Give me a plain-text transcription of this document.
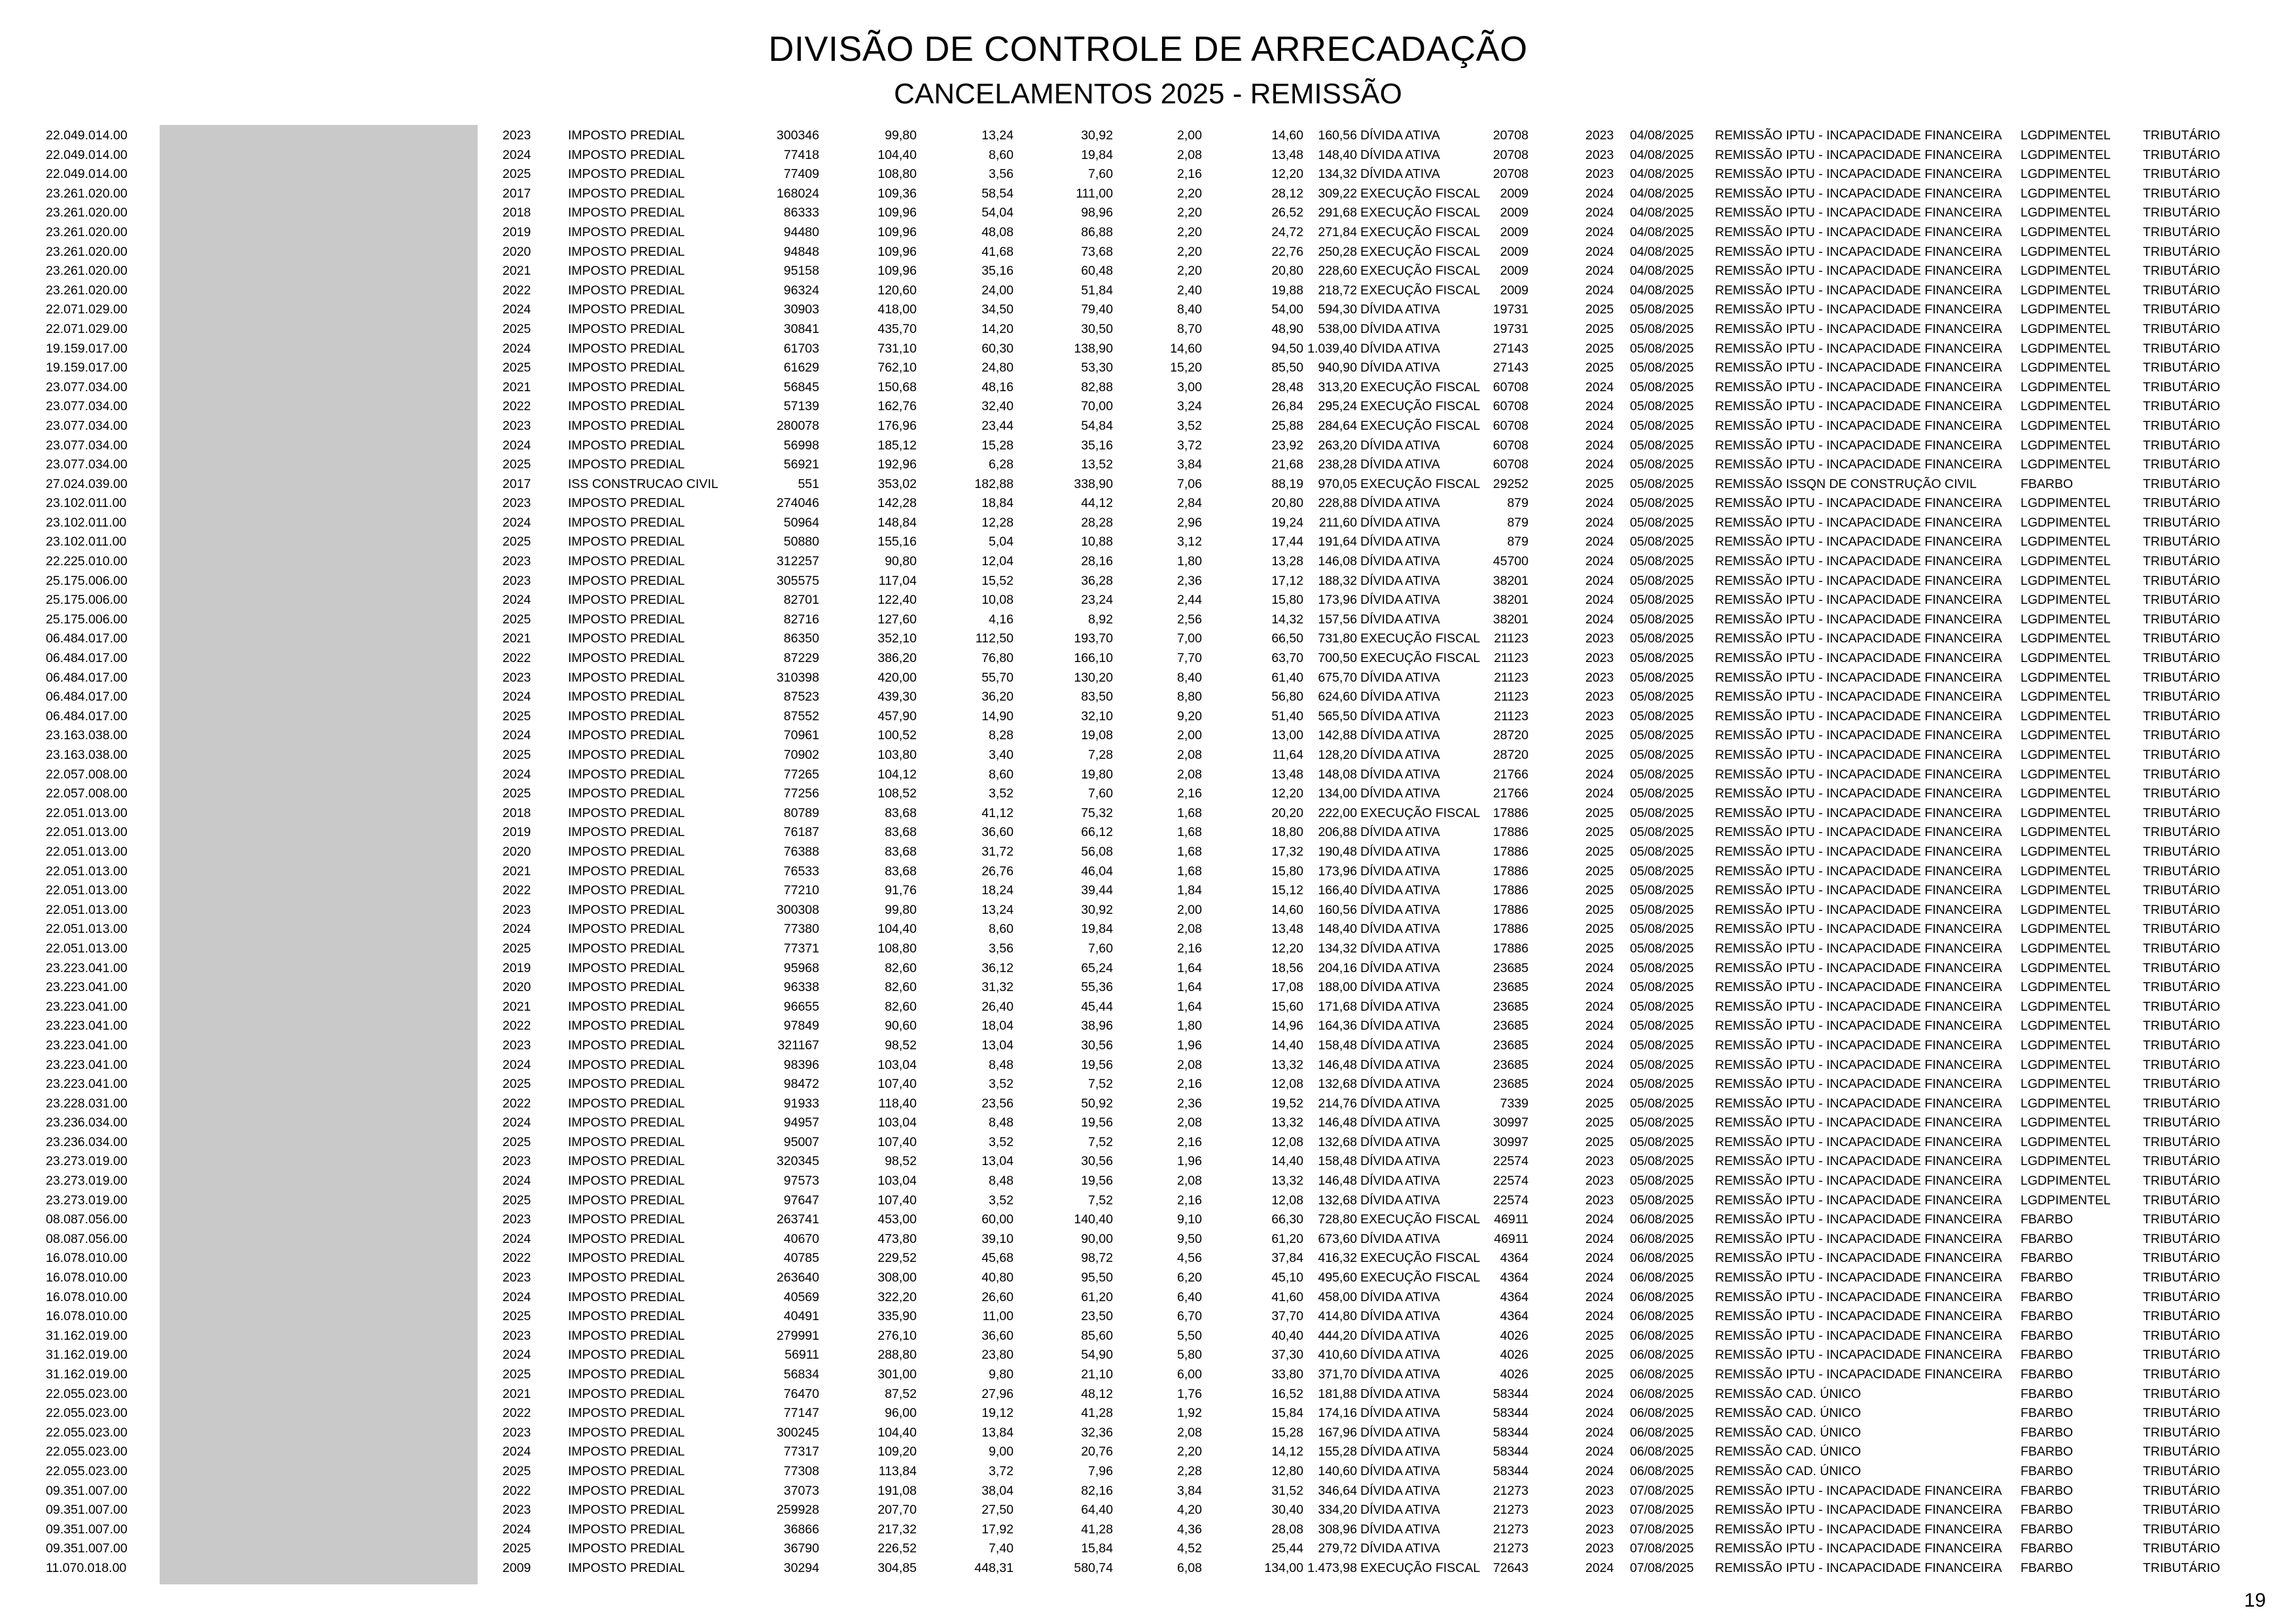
DIVISÃO DE CONTROLE DE ARRECADAÇÃO
CANCELAMENTOS 2025 - REMISSÃO
22.049.014.00	2023	IMPOSTO PREDIAL	300346	99,80	13,24	30,92	2,00	14,60 160,56 DÍVIDA ATIVA	20708	2023 04/08/2025 REMISSÃO IPTU - INCAPACIDADE FINANCEIRA LGDPIMENTEL	TRIBUTÁRIO
22.049.014.00	2024	IMPOSTO PREDIAL	77418	104,40	8,60	19,84	2,08	13,48 148,40 DÍVIDA ATIVA	20708	2023 04/08/2025 REMISSÃO IPTU - INCAPACIDADE FINANCEIRA LGDPIMENTEL	TRIBUTÁRIO
22.049.014.00	2025	IMPOSTO PREDIAL	77409	108,80	3,56	7,60	2,16	12,20 134,32 DÍVIDA ATIVA	20708	2023 04/08/2025 REMISSÃO IPTU - INCAPACIDADE FINANCEIRA LGDPIMENTEL	TRIBUTÁRIO
23.261.020.00	2017	IMPOSTO PREDIAL	168024	109,36	58,54	111,00	2,20	28,12 309,22 EXECUÇÃO FISCAL 2009	2024 04/08/2025 REMISSÃO IPTU - INCAPACIDADE FINANCEIRA LGDPIMENTEL	TRIBUTÁRIO
23.261.020.00	2018	IMPOSTO PREDIAL	86333	109,96	54,04	98,96	2,20	26,52 291,68 EXECUÇÃO FISCAL 2009	2024 04/08/2025 REMISSÃO IPTU - INCAPACIDADE FINANCEIRA LGDPIMENTEL	TRIBUTÁRIO
23.261.020.00	2019	IMPOSTO PREDIAL	94480	109,96	48,08	86,88	2,20	24,72 271,84 EXECUÇÃO FISCAL 2009	2024 04/08/2025 REMISSÃO IPTU - INCAPACIDADE FINANCEIRA LGDPIMENTEL	TRIBUTÁRIO
23.261.020.00	2020	IMPOSTO PREDIAL	94848	109,96	41,68	73,68	2,20	22,76 250,28 EXECUÇÃO FISCAL 2009	2024 04/08/2025 REMISSÃO IPTU - INCAPACIDADE FINANCEIRA LGDPIMENTEL	TRIBUTÁRIO
23.261.020.00	2021	IMPOSTO PREDIAL	95158	109,96	35,16	60,48	2,20	20,80 228,60 EXECUÇÃO FISCAL 2009	2024 04/08/2025 REMISSÃO IPTU - INCAPACIDADE FINANCEIRA LGDPIMENTEL	TRIBUTÁRIO
23.261.020.00	2022	IMPOSTO PREDIAL	96324	120,60	24,00	51,84	2,40	19,88 218,72 EXECUÇÃO FISCAL 2009	2024 04/08/2025 REMISSÃO IPTU - INCAPACIDADE FINANCEIRA LGDPIMENTEL	TRIBUTÁRIO
22.071.029.00	2024	IMPOSTO PREDIAL	30903	418,00	34,50	79,40	8,40	54,00 594,30 DÍVIDA ATIVA	19731	2025 05/08/2025 REMISSÃO IPTU - INCAPACIDADE FINANCEIRA LGDPIMENTEL	TRIBUTÁRIO
22.071.029.00	2025	IMPOSTO PREDIAL	30841	435,70	14,20	30,50	8,70	48,90 538,00 DÍVIDA ATIVA	19731	2025 05/08/2025 REMISSÃO IPTU - INCAPACIDADE FINANCEIRA LGDPIMENTEL	TRIBUTÁRIO
19.159.017.00	2024	IMPOSTO PREDIAL	61703	731,10	60,30	138,90	14,60	94,50 1.039,40 DÍVIDA ATIVA	27143	2025 05/08/2025 REMISSÃO IPTU - INCAPACIDADE FINANCEIRA LGDPIMENTEL	TRIBUTÁRIO
19.159.017.00	2025	IMPOSTO PREDIAL	61629	762,10	24,80	53,30	15,20	85,50 940,90 DÍVIDA ATIVA	27143	2025 05/08/2025 REMISSÃO IPTU - INCAPACIDADE FINANCEIRA LGDPIMENTEL	TRIBUTÁRIO
23.077.034.00	2021	IMPOSTO PREDIAL	56845	150,68	48,16	82,88	3,00	28,48 313,20 EXECUÇÃO FISCAL 60708	2024 05/08/2025 REMISSÃO IPTU - INCAPACIDADE FINANCEIRA LGDPIMENTEL	TRIBUTÁRIO
23.077.034.00	2022	IMPOSTO PREDIAL	57139	162,76	32,40	70,00	3,24	26,84 295,24 EXECUÇÃO FISCAL 60708	2024 05/08/2025 REMISSÃO IPTU - INCAPACIDADE FINANCEIRA LGDPIMENTEL	TRIBUTÁRIO
23.077.034.00	2023	IMPOSTO PREDIAL	280078	176,96	23,44	54,84	3,52	25,88 284,64 EXECUÇÃO FISCAL 60708	2024 05/08/2025 REMISSÃO IPTU - INCAPACIDADE FINANCEIRA LGDPIMENTEL	TRIBUTÁRIO
23.077.034.00	2024	IMPOSTO PREDIAL	56998	185,12	15,28	35,16	3,72	23,92 263,20 DÍVIDA ATIVA	60708	2024 05/08/2025 REMISSÃO IPTU - INCAPACIDADE FINANCEIRA LGDPIMENTEL	TRIBUTÁRIO
23.077.034.00	2025	IMPOSTO PREDIAL	56921	192,96	6,28	13,52	3,84	21,68 238,28 DÍVIDA ATIVA	60708	2024 05/08/2025 REMISSÃO IPTU - INCAPACIDADE FINANCEIRA LGDPIMENTEL	TRIBUTÁRIO
27.024.039.00	2017	ISS CONSTRUCAO CIVIL	551	353,02	182,88	338,90	7,06	88,19 970,05 EXECUÇÃO FISCAL 29252	2025 05/08/2025 REMISSÃO ISSQN DE CONSTRUÇÃO CIVIL	FBARBO	TRIBUTÁRIO
23.102.011.00	2023	IMPOSTO PREDIAL	274046	142,28	18,84	44,12	2,84	20,80 228,88 DÍVIDA ATIVA	879	2024 05/08/2025 REMISSÃO IPTU - INCAPACIDADE FINANCEIRA LGDPIMENTEL	TRIBUTÁRIO
23.102.011.00	2024	IMPOSTO PREDIAL	50964	148,84	12,28	28,28	2,96	19,24 211,60 DÍVIDA ATIVA	879	2024 05/08/2025 REMISSÃO IPTU - INCAPACIDADE FINANCEIRA LGDPIMENTEL	TRIBUTÁRIO
23.102.011.00	2025	IMPOSTO PREDIAL	50880	155,16	5,04	10,88	3,12	17,44 191,64 DÍVIDA ATIVA	879	2024 05/08/2025 REMISSÃO IPTU - INCAPACIDADE FINANCEIRA LGDPIMENTEL	TRIBUTÁRIO
22.225.010.00	2023	IMPOSTO PREDIAL	312257	90,80	12,04	28,16	1,80	13,28 146,08 DÍVIDA ATIVA	45700	2024 05/08/2025 REMISSÃO IPTU - INCAPACIDADE FINANCEIRA LGDPIMENTEL	TRIBUTÁRIO
25.175.006.00	2023	IMPOSTO PREDIAL	305575	117,04	15,52	36,28	2,36	17,12 188,32 DÍVIDA ATIVA	38201	2024 05/08/2025 REMISSÃO IPTU - INCAPACIDADE FINANCEIRA LGDPIMENTEL	TRIBUTÁRIO
25.175.006.00	2024	IMPOSTO PREDIAL	82701	122,40	10,08	23,24	2,44	15,80 173,96 DÍVIDA ATIVA	38201	2024 05/08/2025 REMISSÃO IPTU - INCAPACIDADE FINANCEIRA LGDPIMENTEL	TRIBUTÁRIO
25.175.006.00	2025	IMPOSTO PREDIAL	82716	127,60	4,16	8,92	2,56	14,32 157,56 DÍVIDA ATIVA	38201	2024 05/08/2025 REMISSÃO IPTU - INCAPACIDADE FINANCEIRA LGDPIMENTEL	TRIBUTÁRIO
06.484.017.00	2021	IMPOSTO PREDIAL	86350	352,10	112,50	193,70	7,00	66,50 731,80 EXECUÇÃO FISCAL 21123	2023 05/08/2025 REMISSÃO IPTU - INCAPACIDADE FINANCEIRA LGDPIMENTEL	TRIBUTÁRIO
06.484.017.00	2022	IMPOSTO PREDIAL	87229	386,20	76,80	166,10	7,70	63,70 700,50 EXECUÇÃO FISCAL 21123	2023 05/08/2025 REMISSÃO IPTU - INCAPACIDADE FINANCEIRA LGDPIMENTEL	TRIBUTÁRIO
06.484.017.00	2023	IMPOSTO PREDIAL	310398	420,00	55,70	130,20	8,40	61,40 675,70 DÍVIDA ATIVA	21123	2023 05/08/2025 REMISSÃO IPTU - INCAPACIDADE FINANCEIRA LGDPIMENTEL	TRIBUTÁRIO
06.484.017.00	2024	IMPOSTO PREDIAL	87523	439,30	36,20	83,50	8,80	56,80 624,60 DÍVIDA ATIVA	21123	2023 05/08/2025 REMISSÃO IPTU - INCAPACIDADE FINANCEIRA LGDPIMENTEL	TRIBUTÁRIO
06.484.017.00	2025	IMPOSTO PREDIAL	87552	457,90	14,90	32,10	9,20	51,40 565,50 DÍVIDA ATIVA	21123	2023 05/08/2025 REMISSÃO IPTU - INCAPACIDADE FINANCEIRA LGDPIMENTEL	TRIBUTÁRIO
23.163.038.00	2024	IMPOSTO PREDIAL	70961	100,52	8,28	19,08	2,00	13,00 142,88 DÍVIDA ATIVA	28720	2025 05/08/2025 REMISSÃO IPTU - INCAPACIDADE FINANCEIRA LGDPIMENTEL	TRIBUTÁRIO
23.163.038.00	2025	IMPOSTO PREDIAL	70902	103,80	3,40	7,28	2,08	11,64 128,20 DÍVIDA ATIVA	28720	2025 05/08/2025 REMISSÃO IPTU - INCAPACIDADE FINANCEIRA LGDPIMENTEL	TRIBUTÁRIO
22.057.008.00	2024	IMPOSTO PREDIAL	77265	104,12	8,60	19,80	2,08	13,48 148,08 DÍVIDA ATIVA	21766	2024 05/08/2025 REMISSÃO IPTU - INCAPACIDADE FINANCEIRA LGDPIMENTEL	TRIBUTÁRIO
22.057.008.00	2025	IMPOSTO PREDIAL	77256	108,52	3,52	7,60	2,16	12,20 134,00 DÍVIDA ATIVA	21766	2024 05/08/2025 REMISSÃO IPTU - INCAPACIDADE FINANCEIRA LGDPIMENTEL	TRIBUTÁRIO
22.051.013.00	2018	IMPOSTO PREDIAL	80789	83,68	41,12	75,32	1,68	20,20 222,00 EXECUÇÃO FISCAL 17886	2025 05/08/2025 REMISSÃO IPTU - INCAPACIDADE FINANCEIRA LGDPIMENTEL	TRIBUTÁRIO
22.051.013.00	2019	IMPOSTO PREDIAL	76187	83,68	36,60	66,12	1,68	18,80 206,88 DÍVIDA ATIVA	17886	2025 05/08/2025 REMISSÃO IPTU - INCAPACIDADE FINANCEIRA LGDPIMENTEL	TRIBUTÁRIO
22.051.013.00	2020	IMPOSTO PREDIAL	76388	83,68	31,72	56,08	1,68	17,32 190,48 DÍVIDA ATIVA	17886	2025 05/08/2025 REMISSÃO IPTU - INCAPACIDADE FINANCEIRA LGDPIMENTEL	TRIBUTÁRIO
22.051.013.00	2021	IMPOSTO PREDIAL	76533	83,68	26,76	46,04	1,68	15,80 173,96 DÍVIDA ATIVA	17886	2025 05/08/2025 REMISSÃO IPTU - INCAPACIDADE FINANCEIRA LGDPIMENTEL	TRIBUTÁRIO
22.051.013.00	2022	IMPOSTO PREDIAL	77210	91,76	18,24	39,44	1,84	15,12 166,40 DÍVIDA ATIVA	17886	2025 05/08/2025 REMISSÃO IPTU - INCAPACIDADE FINANCEIRA LGDPIMENTEL	TRIBUTÁRIO
22.051.013.00	2023	IMPOSTO PREDIAL	300308	99,80	13,24	30,92	2,00	14,60 160,56 DÍVIDA ATIVA	17886	2025 05/08/2025 REMISSÃO IPTU - INCAPACIDADE FINANCEIRA LGDPIMENTEL	TRIBUTÁRIO
22.051.013.00	2024	IMPOSTO PREDIAL	77380	104,40	8,60	19,84	2,08	13,48 148,40 DÍVIDA ATIVA	17886	2025 05/08/2025 REMISSÃO IPTU - INCAPACIDADE FINANCEIRA LGDPIMENTEL	TRIBUTÁRIO
22.051.013.00	2025	IMPOSTO PREDIAL	77371	108,80	3,56	7,60	2,16	12,20 134,32 DÍVIDA ATIVA	17886	2025 05/08/2025 REMISSÃO IPTU - INCAPACIDADE FINANCEIRA LGDPIMENTEL	TRIBUTÁRIO
23.223.041.00	2019	IMPOSTO PREDIAL	95968	82,60	36,12	65,24	1,64	18,56 204,16 DÍVIDA ATIVA	23685	2024 05/08/2025 REMISSÃO IPTU - INCAPACIDADE FINANCEIRA LGDPIMENTEL	TRIBUTÁRIO
23.223.041.00	2020	IMPOSTO PREDIAL	96338	82,60	31,32	55,36	1,64	17,08 188,00 DÍVIDA ATIVA	23685	2024 05/08/2025 REMISSÃO IPTU - INCAPACIDADE FINANCEIRA LGDPIMENTEL	TRIBUTÁRIO
23.223.041.00	2021	IMPOSTO PREDIAL	96655	82,60	26,40	45,44	1,64	15,60 171,68 DÍVIDA ATIVA	23685	2024 05/08/2025 REMISSÃO IPTU - INCAPACIDADE FINANCEIRA LGDPIMENTEL	TRIBUTÁRIO
23.223.041.00	2022	IMPOSTO PREDIAL	97849	90,60	18,04	38,96	1,80	14,96 164,36 DÍVIDA ATIVA	23685	2024 05/08/2025 REMISSÃO IPTU - INCAPACIDADE FINANCEIRA LGDPIMENTEL	TRIBUTÁRIO
23.223.041.00	2023	IMPOSTO PREDIAL	321167	98,52	13,04	30,56	1,96	14,40 158,48 DÍVIDA ATIVA	23685	2024 05/08/2025 REMISSÃO IPTU - INCAPACIDADE FINANCEIRA LGDPIMENTEL	TRIBUTÁRIO
23.223.041.00	2024	IMPOSTO PREDIAL	98396	103,04	8,48	19,56	2,08	13,32 146,48 DÍVIDA ATIVA	23685	2024 05/08/2025 REMISSÃO IPTU - INCAPACIDADE FINANCEIRA LGDPIMENTEL	TRIBUTÁRIO
23.223.041.00	2025	IMPOSTO PREDIAL	98472	107,40	3,52	7,52	2,16	12,08 132,68 DÍVIDA ATIVA	23685	2024 05/08/2025 REMISSÃO IPTU - INCAPACIDADE FINANCEIRA LGDPIMENTEL	TRIBUTÁRIO
23.228.031.00	2022	IMPOSTO PREDIAL	91933	118,40	23,56	50,92	2,36	19,52 214,76 DÍVIDA ATIVA	7339	2025 05/08/2025 REMISSÃO IPTU - INCAPACIDADE FINANCEIRA LGDPIMENTEL	TRIBUTÁRIO
23.236.034.00	2024	IMPOSTO PREDIAL	94957	103,04	8,48	19,56	2,08	13,32 146,48 DÍVIDA ATIVA	30997	2025 05/08/2025 REMISSÃO IPTU - INCAPACIDADE FINANCEIRA LGDPIMENTEL	TRIBUTÁRIO
23.236.034.00	2025	IMPOSTO PREDIAL	95007	107,40	3,52	7,52	2,16	12,08 132,68 DÍVIDA ATIVA	30997	2025 05/08/2025 REMISSÃO IPTU - INCAPACIDADE FINANCEIRA LGDPIMENTEL	TRIBUTÁRIO
23.273.019.00	2023	IMPOSTO PREDIAL	320345	98,52	13,04	30,56	1,96	14,40 158,48 DÍVIDA ATIVA	22574	2023 05/08/2025 REMISSÃO IPTU - INCAPACIDADE FINANCEIRA LGDPIMENTEL	TRIBUTÁRIO
23.273.019.00	2024	IMPOSTO PREDIAL	97573	103,04	8,48	19,56	2,08	13,32 146,48 DÍVIDA ATIVA	22574	2023 05/08/2025 REMISSÃO IPTU - INCAPACIDADE FINANCEIRA LGDPIMENTEL	TRIBUTÁRIO
23.273.019.00	2025	IMPOSTO PREDIAL	97647	107,40	3,52	7,52	2,16	12,08 132,68 DÍVIDA ATIVA	22574	2023 05/08/2025 REMISSÃO IPTU - INCAPACIDADE FINANCEIRA LGDPIMENTEL	TRIBUTÁRIO
08.087.056.00	2023	IMPOSTO PREDIAL	263741	453,00	60,00	140,40	9,10	66,30 728,80 EXECUÇÃO FISCAL 46911	2024 06/08/2025 REMISSÃO IPTU - INCAPACIDADE FINANCEIRA FBARBO	TRIBUTÁRIO
08.087.056.00	2024	IMPOSTO PREDIAL	40670	473,80	39,10	90,00	9,50	61,20 673,60 DÍVIDA ATIVA	46911	2024 06/08/2025 REMISSÃO IPTU - INCAPACIDADE FINANCEIRA FBARBO	TRIBUTÁRIO
16.078.010.00	2022	IMPOSTO PREDIAL	40785	229,52	45,68	98,72	4,56	37,84 416,32 EXECUÇÃO FISCAL 4364	2024 06/08/2025 REMISSÃO IPTU - INCAPACIDADE FINANCEIRA FBARBO	TRIBUTÁRIO
16.078.010.00	2023	IMPOSTO PREDIAL	263640	308,00	40,80	95,50	6,20	45,10 495,60 EXECUÇÃO FISCAL 4364	2024 06/08/2025 REMISSÃO IPTU - INCAPACIDADE FINANCEIRA FBARBO	TRIBUTÁRIO
16.078.010.00	2024	IMPOSTO PREDIAL	40569	322,20	26,60	61,20	6,40	41,60 458,00 DÍVIDA ATIVA	4364	2024 06/08/2025 REMISSÃO IPTU - INCAPACIDADE FINANCEIRA FBARBO	TRIBUTÁRIO
16.078.010.00	2025	IMPOSTO PREDIAL	40491	335,90	11,00	23,50	6,70	37,70 414,80 DÍVIDA ATIVA	4364	2024 06/08/2025 REMISSÃO IPTU - INCAPACIDADE FINANCEIRA FBARBO	TRIBUTÁRIO
31.162.019.00	2023	IMPOSTO PREDIAL	279991	276,10	36,60	85,60	5,50	40,40 444,20 DÍVIDA ATIVA	4026	2025 06/08/2025 REMISSÃO IPTU - INCAPACIDADE FINANCEIRA FBARBO	TRIBUTÁRIO
31.162.019.00	2024	IMPOSTO PREDIAL	56911	288,80	23,80	54,90	5,80	37,30 410,60 DÍVIDA ATIVA	4026	2025 06/08/2025 REMISSÃO IPTU - INCAPACIDADE FINANCEIRA FBARBO	TRIBUTÁRIO
31.162.019.00	2025	IMPOSTO PREDIAL	56834	301,00	9,80	21,10	6,00	33,80 371,70 DÍVIDA ATIVA	4026	2025 06/08/2025 REMISSÃO IPTU - INCAPACIDADE FINANCEIRA FBARBO	TRIBUTÁRIO
22.055.023.00	2021	IMPOSTO PREDIAL	76470	87,52	27,96	48,12	1,76	16,52 181,88 DÍVIDA ATIVA	58344	2024 06/08/2025 REMISSÃO CAD. ÚNICO	FBARBO	TRIBUTÁRIO
22.055.023.00	2022	IMPOSTO PREDIAL	77147	96,00	19,12	41,28	1,92	15,84 174,16 DÍVIDA ATIVA	58344	2024 06/08/2025 REMISSÃO CAD. ÚNICO	FBARBO	TRIBUTÁRIO
22.055.023.00	2023	IMPOSTO PREDIAL	300245	104,40	13,84	32,36	2,08	15,28 167,96 DÍVIDA ATIVA	58344	2024 06/08/2025 REMISSÃO CAD. ÚNICO	FBARBO	TRIBUTÁRIO
22.055.023.00	2024	IMPOSTO PREDIAL	77317	109,20	9,00	20,76	2,20	14,12 155,28 DÍVIDA ATIVA	58344	2024 06/08/2025 REMISSÃO CAD. ÚNICO	FBARBO	TRIBUTÁRIO
22.055.023.00	2025	IMPOSTO PREDIAL	77308	113,84	3,72	7,96	2,28	12,80 140,60 DÍVIDA ATIVA	58344	2024 06/08/2025 REMISSÃO CAD. ÚNICO	FBARBO	TRIBUTÁRIO
09.351.007.00	2022	IMPOSTO PREDIAL	37073	191,08	38,04	82,16	3,84	31,52 346,64 DÍVIDA ATIVA	21273	2023 07/08/2025 REMISSÃO IPTU - INCAPACIDADE FINANCEIRA FBARBO	TRIBUTÁRIO
09.351.007.00	2023	IMPOSTO PREDIAL	259928	207,70	27,50	64,40	4,20	30,40 334,20 DÍVIDA ATIVA	21273	2023 07/08/2025 REMISSÃO IPTU - INCAPACIDADE FINANCEIRA FBARBO	TRIBUTÁRIO
09.351.007.00	2024	IMPOSTO PREDIAL	36866	217,32	17,92	41,28	4,36	28,08 308,96 DÍVIDA ATIVA	21273	2023 07/08/2025 REMISSÃO IPTU - INCAPACIDADE FINANCEIRA FBARBO	TRIBUTÁRIO
09.351.007.00	2025	IMPOSTO PREDIAL	36790	226,52	7,40	15,84	4,52	25,44 279,72 DÍVIDA ATIVA	21273	2023 07/08/2025 REMISSÃO IPTU - INCAPACIDADE FINANCEIRA FBARBO	TRIBUTÁRIO
11.070.018.00	2009	IMPOSTO PREDIAL	30294	304,85	448,31	580,74	6,08	134,00 1.473,98 EXECUÇÃO FISCAL 72643	2024 07/08/2025 REMISSÃO IPTU - INCAPACIDADE FINANCEIRA FBARBO	TRIBUTÁRIO
19
